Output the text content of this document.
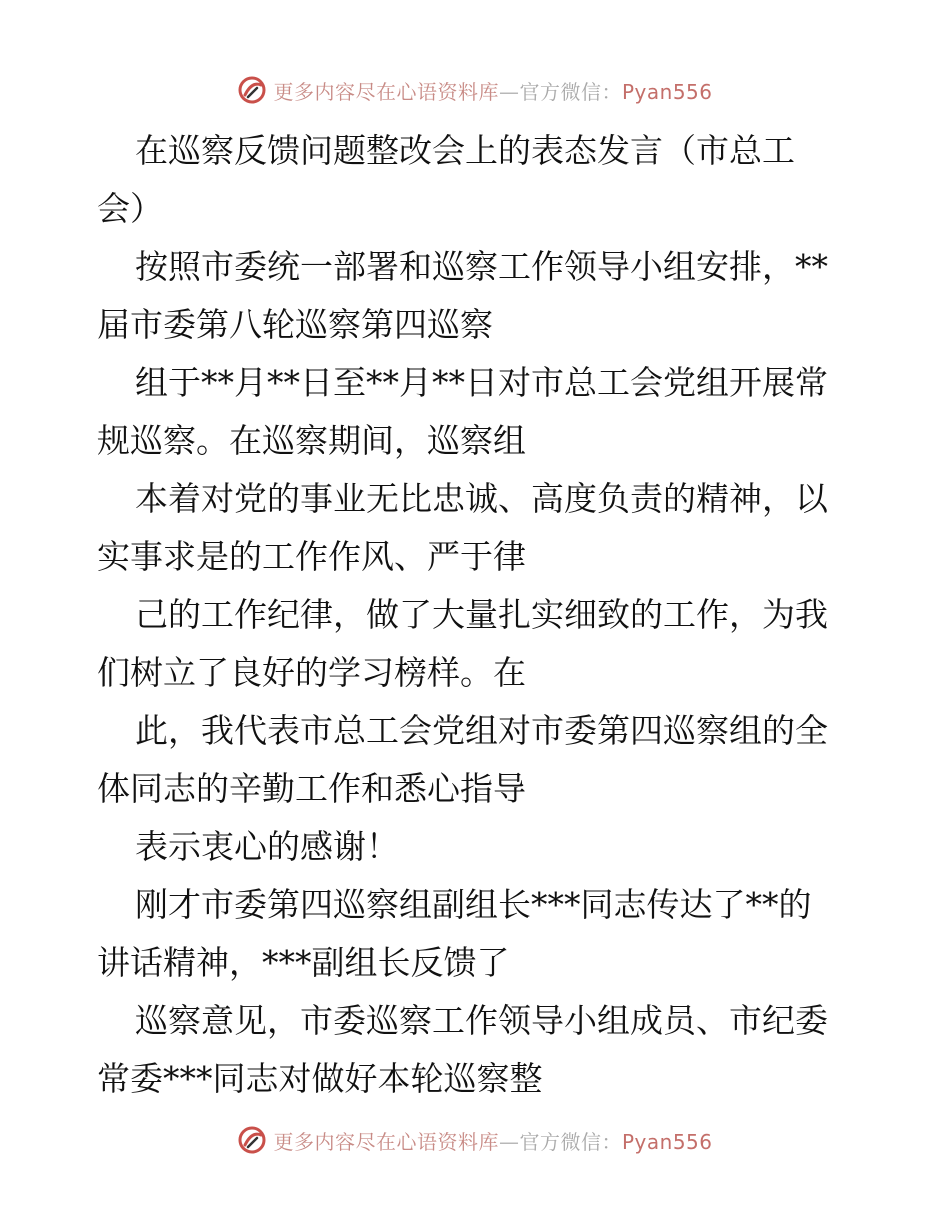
更多内容尽在心语资料库—官方微信：Pyan556

在巡察反馈问题整改会上的表态发言（市总工
会）

按照市委统一部署和巡察工作领导小组安排，**
届市委第八轮巡察第四巡察

组于**月**日至**月**日对市总工会党组开展常
规巡察。在巡察期间，巡察组

本着对党的事业无比忠诚、高度负责的精神，以
实事求是的工作作风、严于律

己的工作纪律，做了大量扎实细致的工作，为我
们树立了良好的学习榜样。在

此，我代表市总工会党组对市委第四巡察组的全
体同志的辛勤工作和悉心指导

表示衷心的感谢！

刚才市委第四巡察组副组长***同志传达了**的
讲话精神，***副组长反馈了

巡察意见，市委巡察工作领导小组成员、市纪委
常委***同志对做好本轮巡察整

更多内容尽在心语资料库—官方微信：Pyan556
